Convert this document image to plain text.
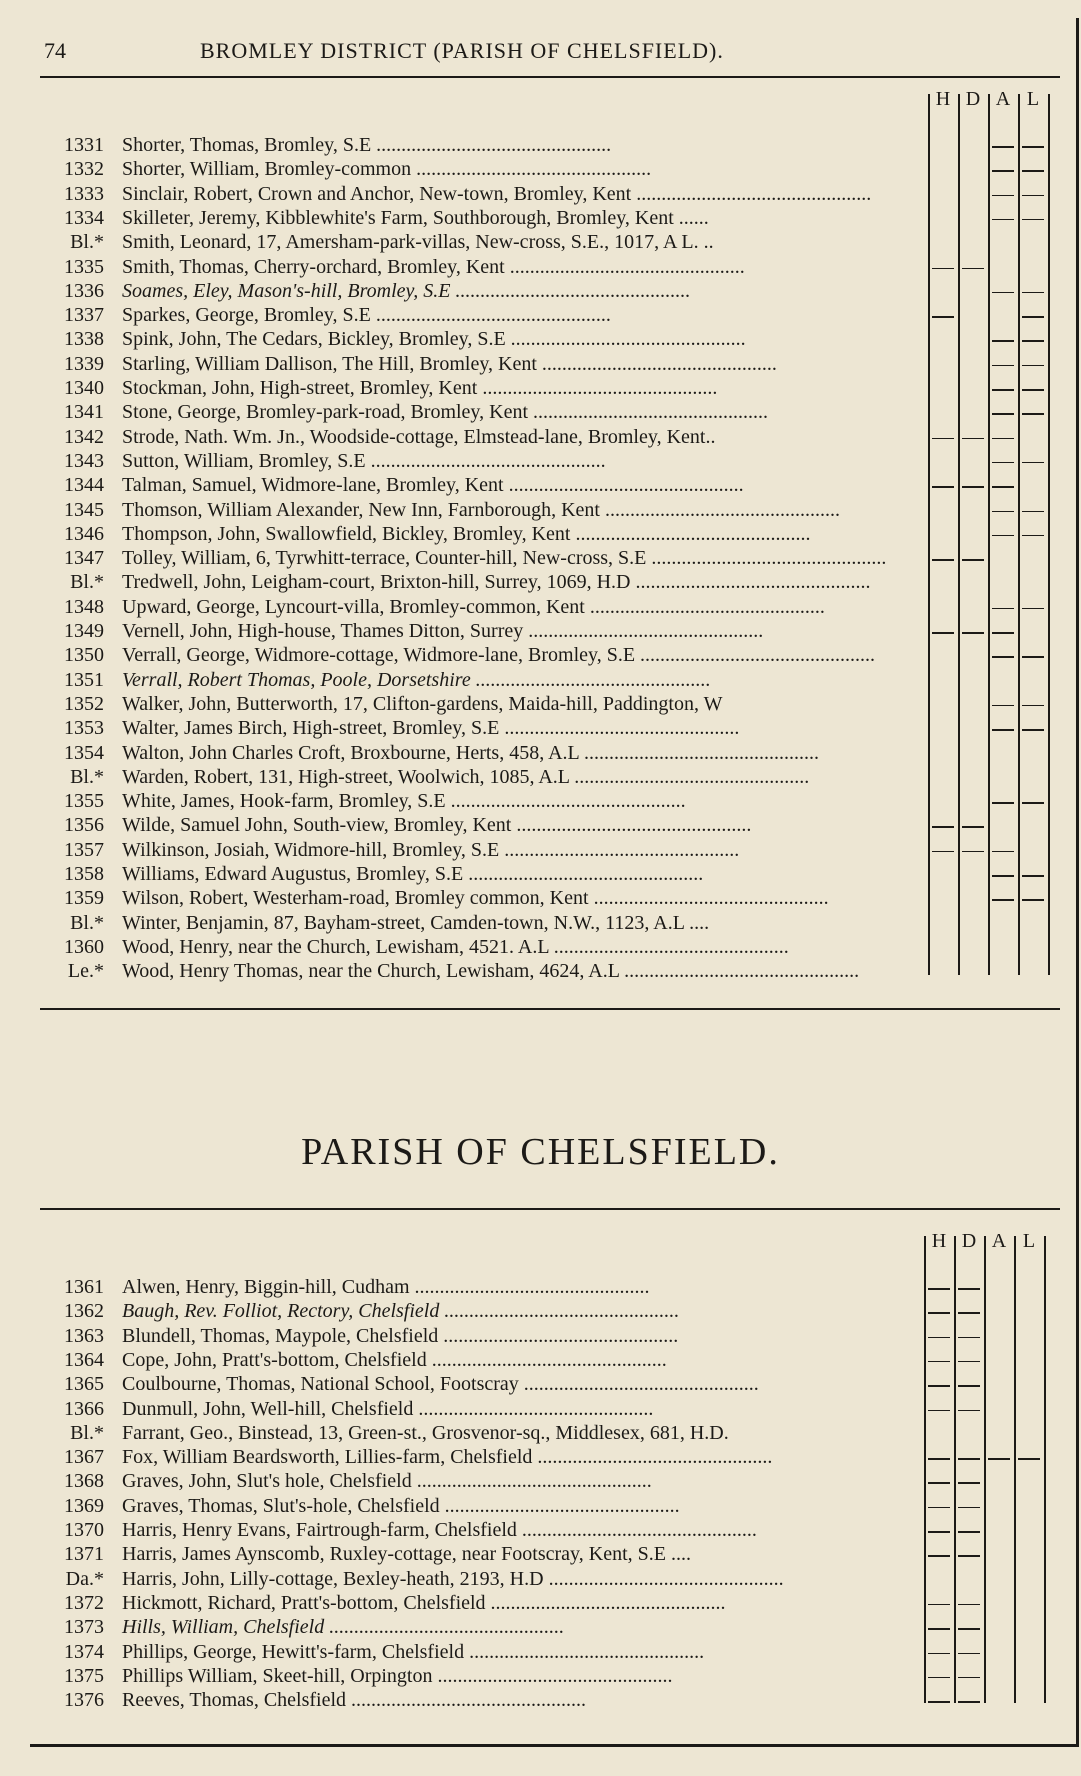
74	BROMLEY DISTRICT (PARISH OF CHELSFIELD).
H D A L
1331 Shorter, Thomas, Bromley, S.E ...............................................
1332 Shorter, William, Bromley-common ...............................................
1333 Sinclair, Robert, Crown and Anchor, New-town, Bromley, Kent ...............................................
1334 Skilleter, Jeremy, Kibblewhite's Farm, Southborough, Bromley, Kent ......
Bl.* Smith, Leonard, 17, Amersham-park-villas, New-cross, S.E., 1017, A L. ..
1335 Smith, Thomas, Cherry-orchard, Bromley, Kent ...............................................
1336 Soames, Eley, Mason's-hill, Bromley, S.E ...............................................
1337 Sparkes, George, Bromley, S.E ...............................................
1338 Spink, John, The Cedars, Bickley, Bromley, S.E ...............................................
1339 Starling, William Dallison, The Hill, Bromley, Kent ...............................................
1340 Stockman, John, High-street, Bromley, Kent ...............................................
1341 Stone, George, Bromley-park-road, Bromley, Kent ...............................................
1342 Strode, Nath. Wm. Jn., Woodside-cottage, Elmstead-lane, Bromley, Kent..
1343 Sutton, William, Bromley, S.E ...............................................
1344 Talman, Samuel, Widmore-lane, Bromley, Kent ...............................................
1345 Thomson, William Alexander, New Inn, Farnborough, Kent ...............................................
1346 Thompson, John, Swallowfield, Bickley, Bromley, Kent ...............................................
1347 Tolley, William, 6, Tyrwhitt-terrace, Counter-hill, New-cross, S.E ...............................................
Bl.* Tredwell, John, Leigham-court, Brixton-hill, Surrey, 1069, H.D ...............................................
1348 Upward, George, Lyncourt-villa, Bromley-common, Kent ...............................................
1349 Vernell, John, High-house, Thames Ditton, Surrey ...............................................
1350 Verrall, George, Widmore-cottage, Widmore-lane, Bromley, S.E ...............................................
1351 Verrall, Robert Thomas, Poole, Dorsetshire ...............................................
1352 Walker, John, Butterworth, 17, Clifton-gardens, Maida-hill, Paddington, W
1353 Walter, James Birch, High-street, Bromley, S.E ...............................................
1354 Walton, John Charles Croft, Broxbourne, Herts, 458, A.L ...............................................
Bl.* Warden, Robert, 131, High-street, Woolwich, 1085, A.L ...............................................
1355 White, James, Hook-farm, Bromley, S.E ...............................................
1356 Wilde, Samuel John, South-view, Bromley, Kent ...............................................
1357 Wilkinson, Josiah, Widmore-hill, Bromley, S.E ...............................................
1358 Williams, Edward Augustus, Bromley, S.E ...............................................
1359 Wilson, Robert, Westerham-road, Bromley common, Kent ...............................................
Bl.* Winter, Benjamin, 87, Bayham-street, Camden-town, N.W., 1123, A.L ....
1360 Wood, Henry, near the Church, Lewisham, 4521. A.L ...............................................
Le.* Wood, Henry Thomas, near the Church, Lewisham, 4624, A.L ...............................................
PARISH OF CHELSFIELD.
H D A L
1361 Alwen, Henry, Biggin-hill, Cudham ...............................................
1362 Baugh, Rev. Folliot, Rectory, Chelsfield ...............................................
1363 Blundell, Thomas, Maypole, Chelsfield ...............................................
1364 Cope, John, Pratt's-bottom, Chelsfield ...............................................
1365 Coulbourne, Thomas, National School, Footscray ...............................................
1366 Dunmull, John, Well-hill, Chelsfield ...............................................
Bl.* Farrant, Geo., Binstead, 13, Green-st., Grosvenor-sq., Middlesex, 681, H.D.
1367 Fox, William Beardsworth, Lillies-farm, Chelsfield ...............................................
1368 Graves, John, Slut's hole, Chelsfield ...............................................
1369 Graves, Thomas, Slut's-hole, Chelsfield ...............................................
1370 Harris, Henry Evans, Fairtrough-farm, Chelsfield ...............................................
1371 Harris, James Aynscomb, Ruxley-cottage, near Footscray, Kent, S.E ....
Da.* Harris, John, Lilly-cottage, Bexley-heath, 2193, H.D ...............................................
1372 Hickmott, Richard, Pratt's-bottom, Chelsfield ...............................................
1373 Hills, William, Chelsfield ...............................................
1374 Phillips, George, Hewitt's-farm, Chelsfield ...............................................
1375 Phillips William, Skeet-hill, Orpington ...............................................
1376 Reeves, Thomas, Chelsfield ...............................................
